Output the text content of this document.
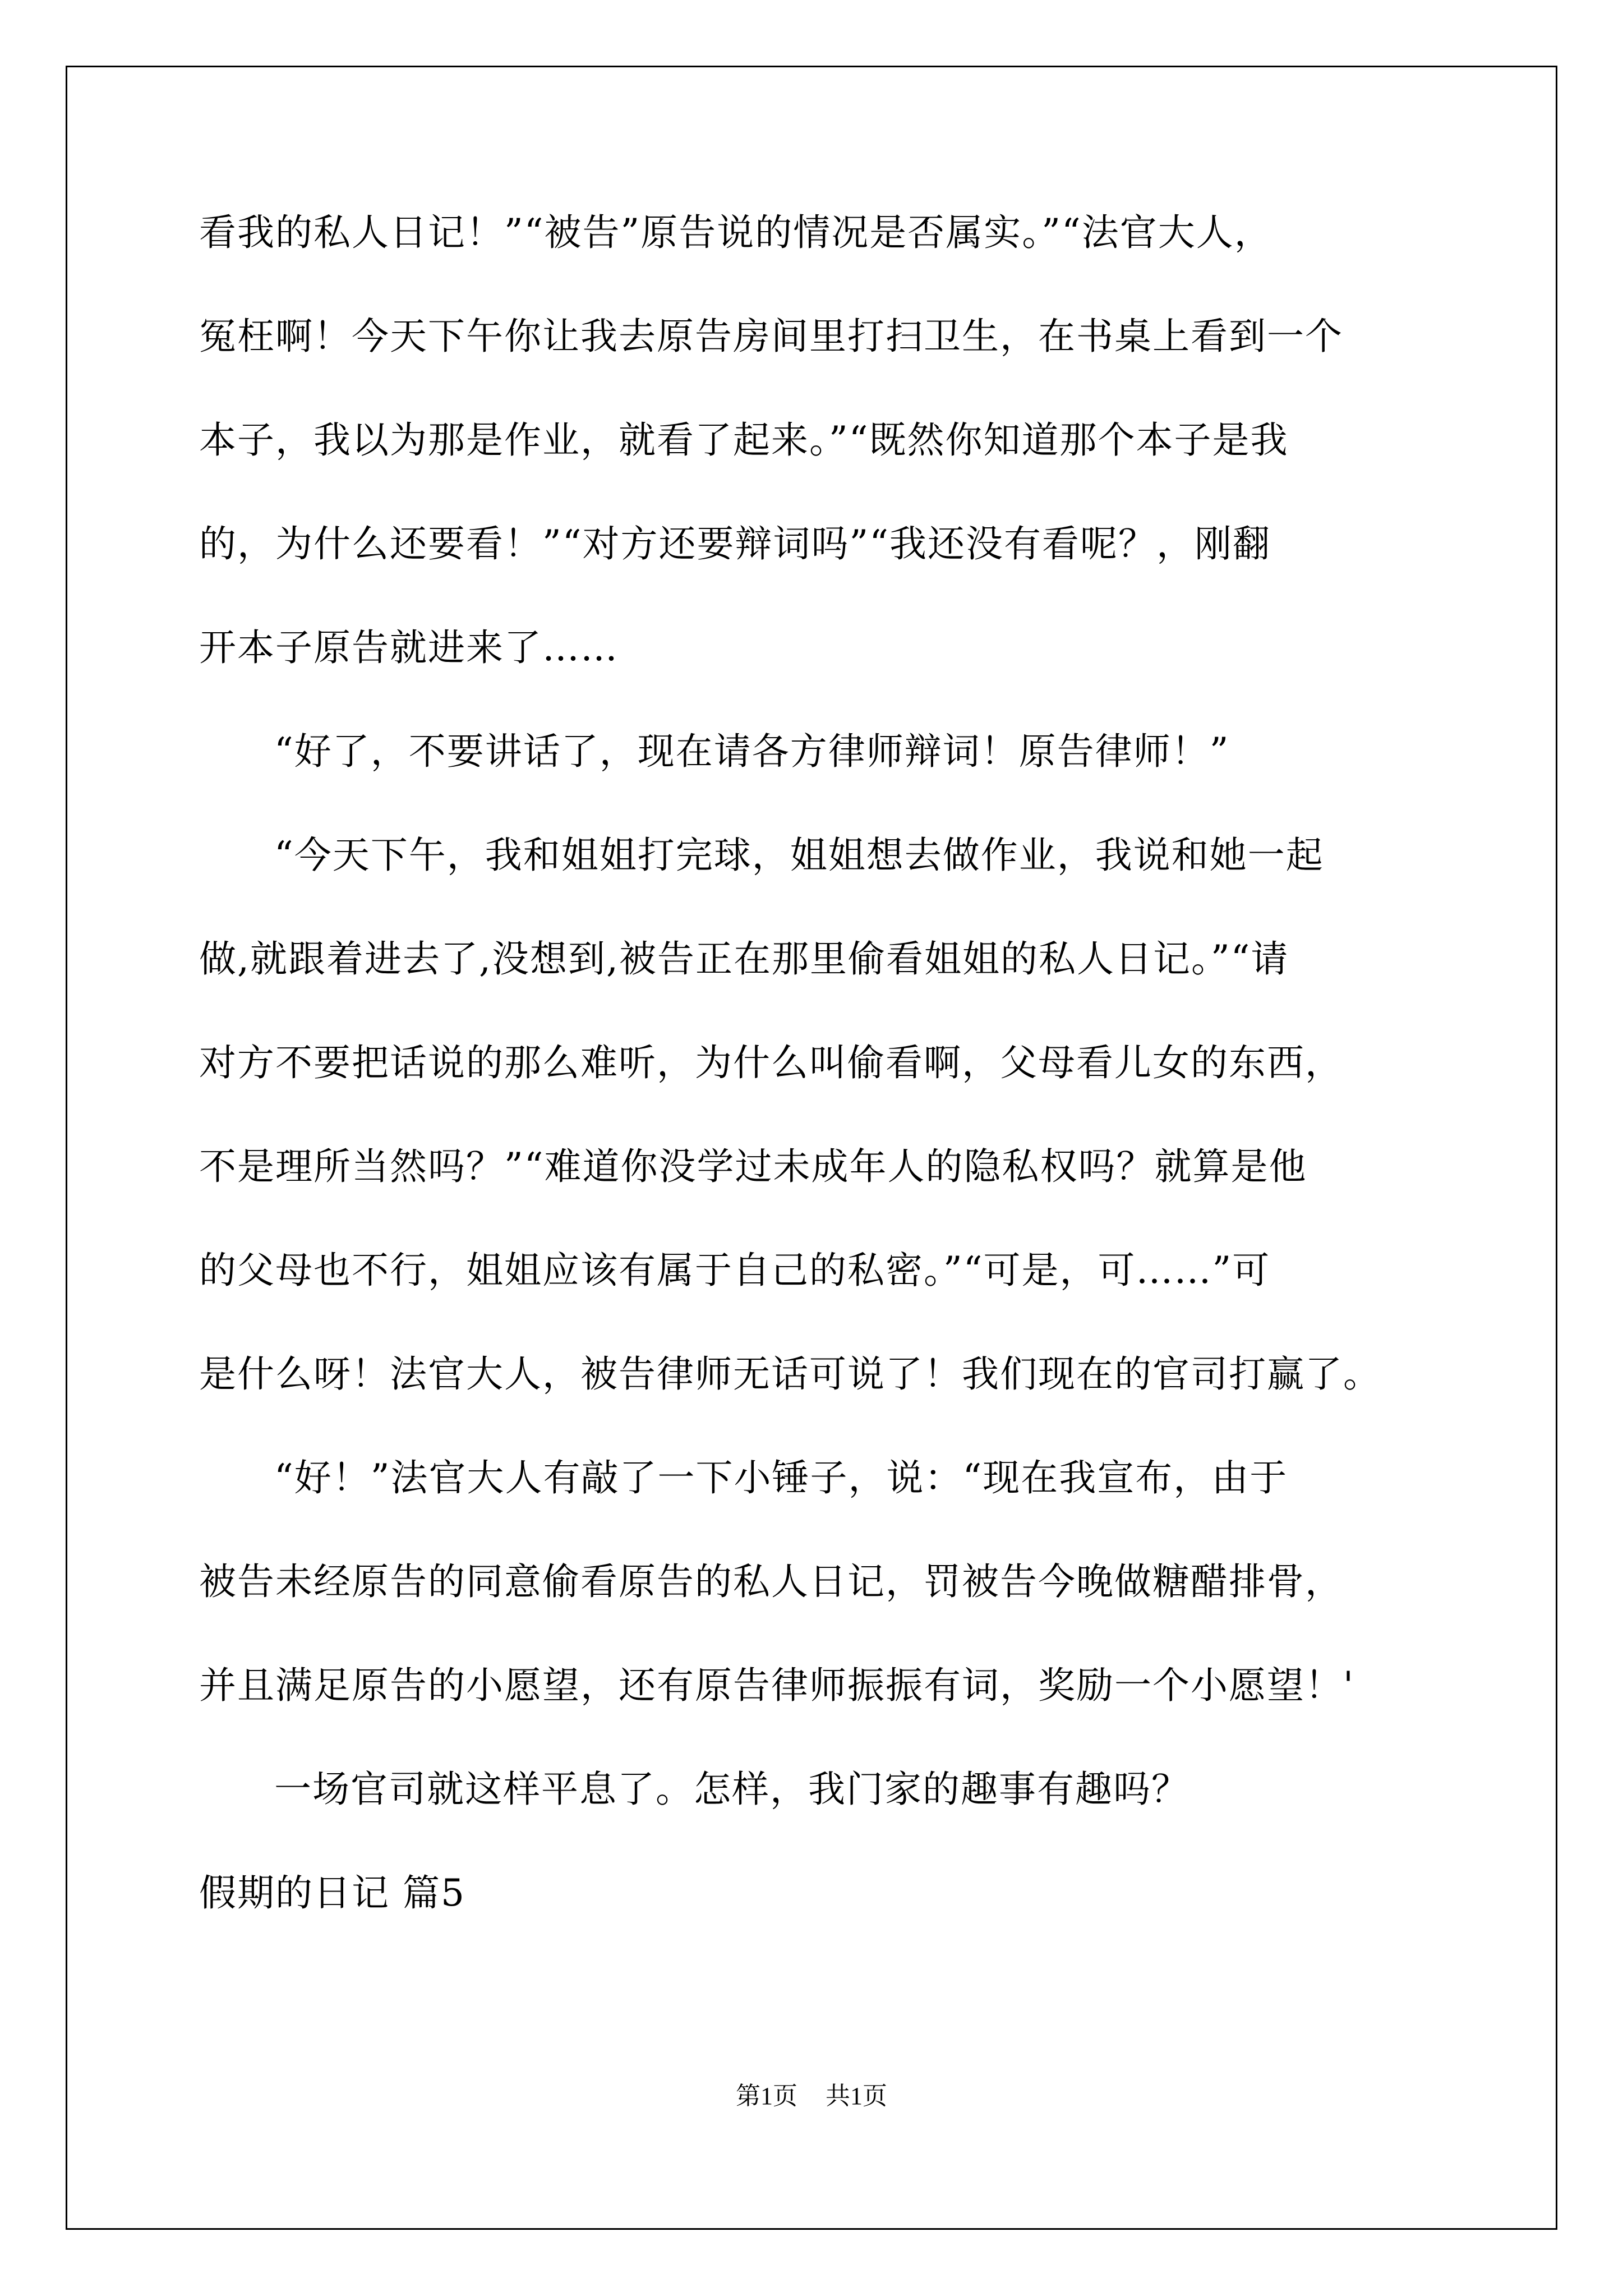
看我的私人日记！”“被告”原告说的情况是否属实。”“法官大人，
冤枉啊！今天下午你让我去原告房间里打扫卫生，在书桌上看到一个
本子，我以为那是作业，就看了起来。”“既然你知道那个本子是我
的，为什么还要看！”“对方还要辩词吗”“我还没有看呢？，刚翻
开本子原告就进来了……
“好了，不要讲话了，现在请各方律师辩词！原告律师！”
“今天下午，我和姐姐打完球，姐姐想去做作业，我说和她一起
做,就跟着进去了,没想到,被告正在那里偷看姐姐的私人日记。”“请
对方不要把话说的那么难听，为什么叫偷看啊，父母看儿女的东西，
不是理所当然吗？”“难道你没学过未成年人的隐私权吗？就算是他
的父母也不行，姐姐应该有属于自己的私密。”“可是，可……”可
是什么呀！法官大人，被告律师无话可说了！我们现在的官司打赢了。
“好！”法官大人有敲了一下小锤子，说：“现在我宣布，由于
被告未经原告的同意偷看原告的私人日记，罚被告今晚做糖醋排骨，
并且满足原告的小愿望，还有原告律师振振有词，奖励一个小愿望！'
一场官司就这样平息了。怎样，我门家的趣事有趣吗？
假期的日记 篇5
第1页 共1页
